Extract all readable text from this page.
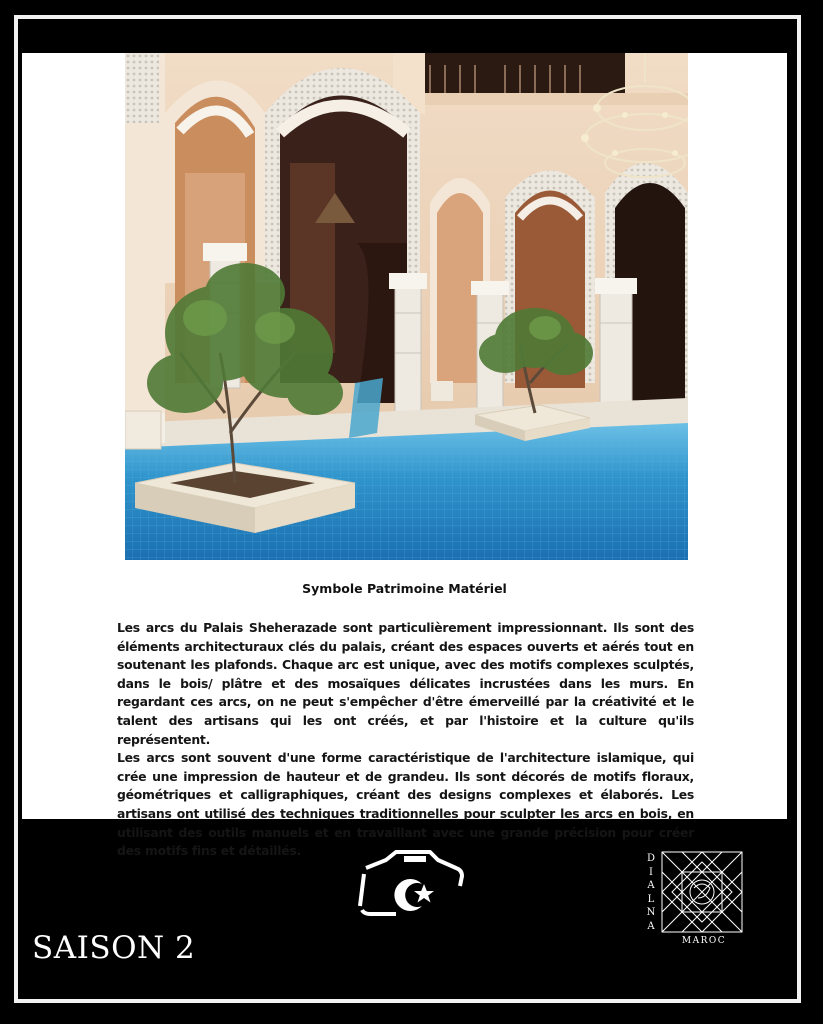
Symbole Patrimoine Matériel

Les arcs du Palais Sheherazade sont particulièrement impressionnant. Ils sont des éléments architecturaux clés du palais, créant des espaces ouverts et aérés tout en soutenant les plafonds. Chaque arc est unique, avec des motifs complexes sculptés, dans le bois/ plâtre et des mosaïques délicates incrustées dans les murs. En regardant ces arcs, on ne peut s'empêcher d'être émerveillé par la créativité et le talent des artisans qui les ont créés, et par l'histoire et la culture qu'ils représentent.

Les arcs sont souvent d'une forme caractéristique de l'architecture islamique, qui crée une impression de hauteur et de grandeu. Ils sont décorés de motifs floraux, géométriques et calligraphiques, créant des designs complexes et élaborés. Les artisans ont utilisé des techniques traditionnelles pour sculpter les arcs en bois, en utilisant des outils manuels et en travaillant avec une grande précision pour créer des motifs fins et détaillés.

SAISON 2
D
I
A
L
N
A
MAROC
